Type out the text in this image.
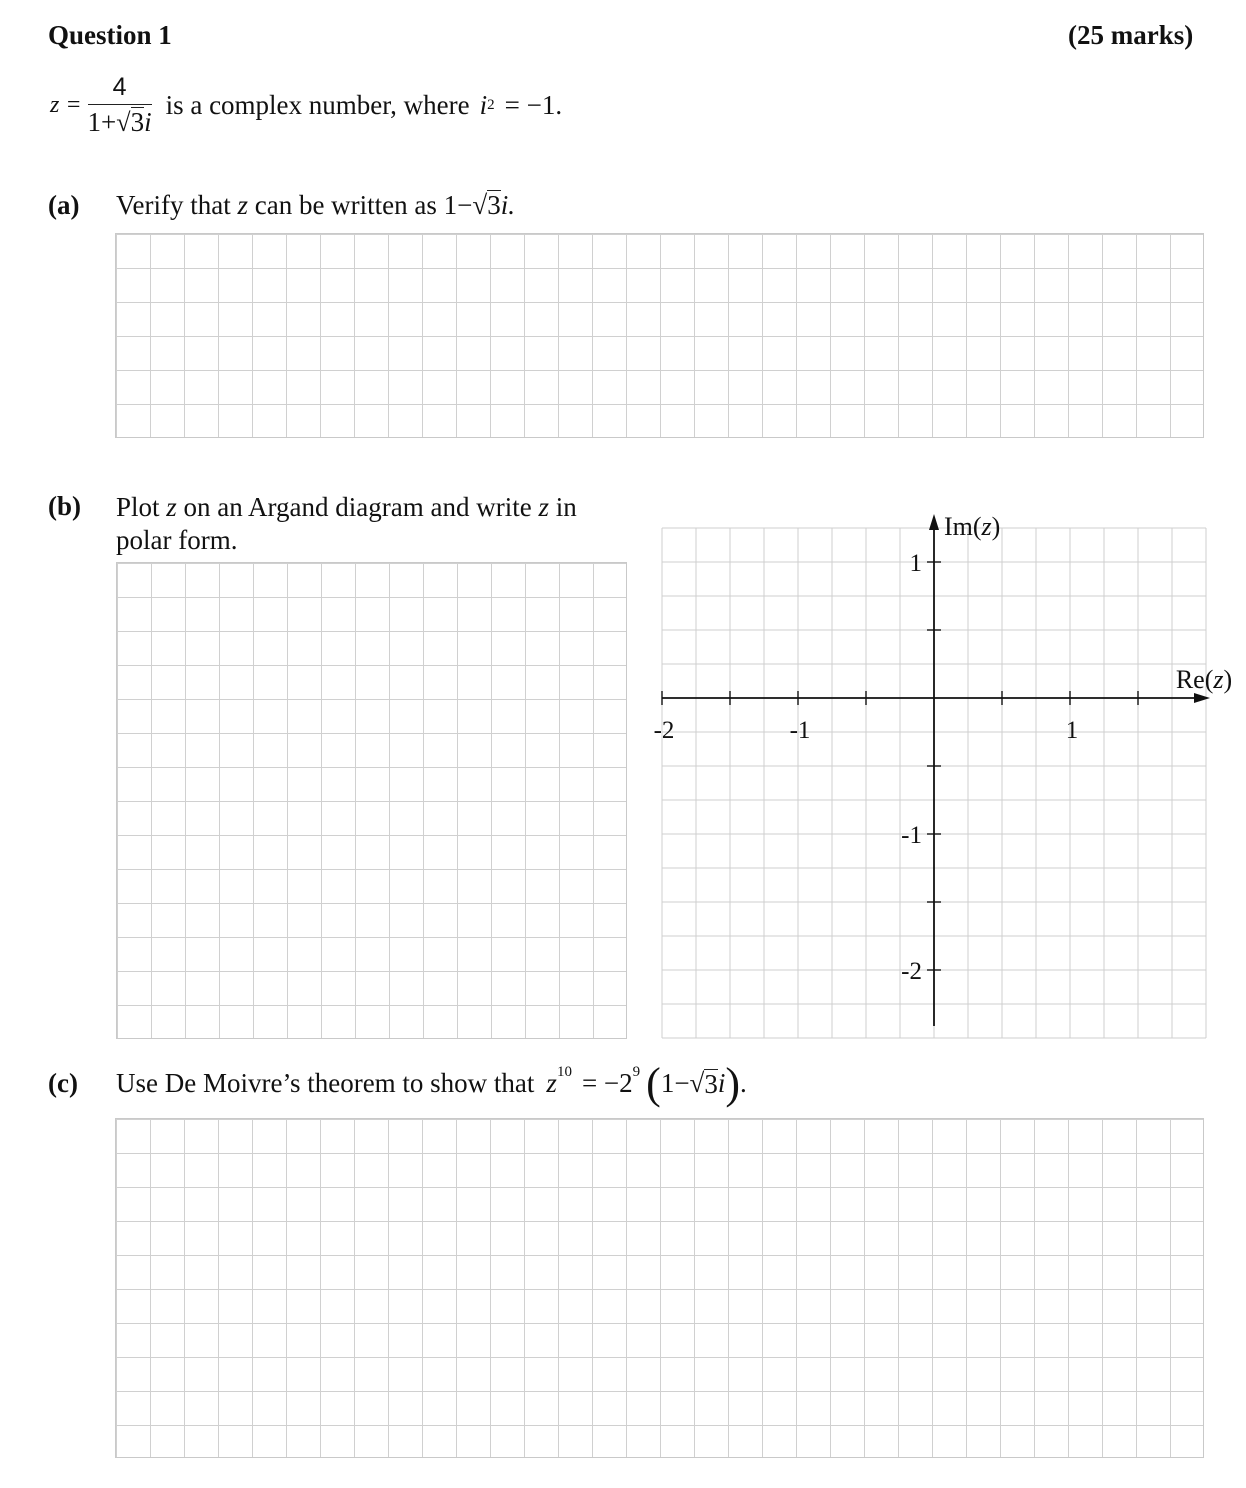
Question 1	(25 marks)
$z = \frac{4}{1+√3i}$ is a complex number, where i 2 = −1.
(a) Verify that z can be written as 1−√3i.
(b) Plot z on an Argand diagram and write z in
polar form.
-2	-1	1
1
-1
-2
Re(z)
Im(z)
(c) Use De Moivre’s theorem to show that z 10 = −2 9 ( 1− √ 3 i ) .
